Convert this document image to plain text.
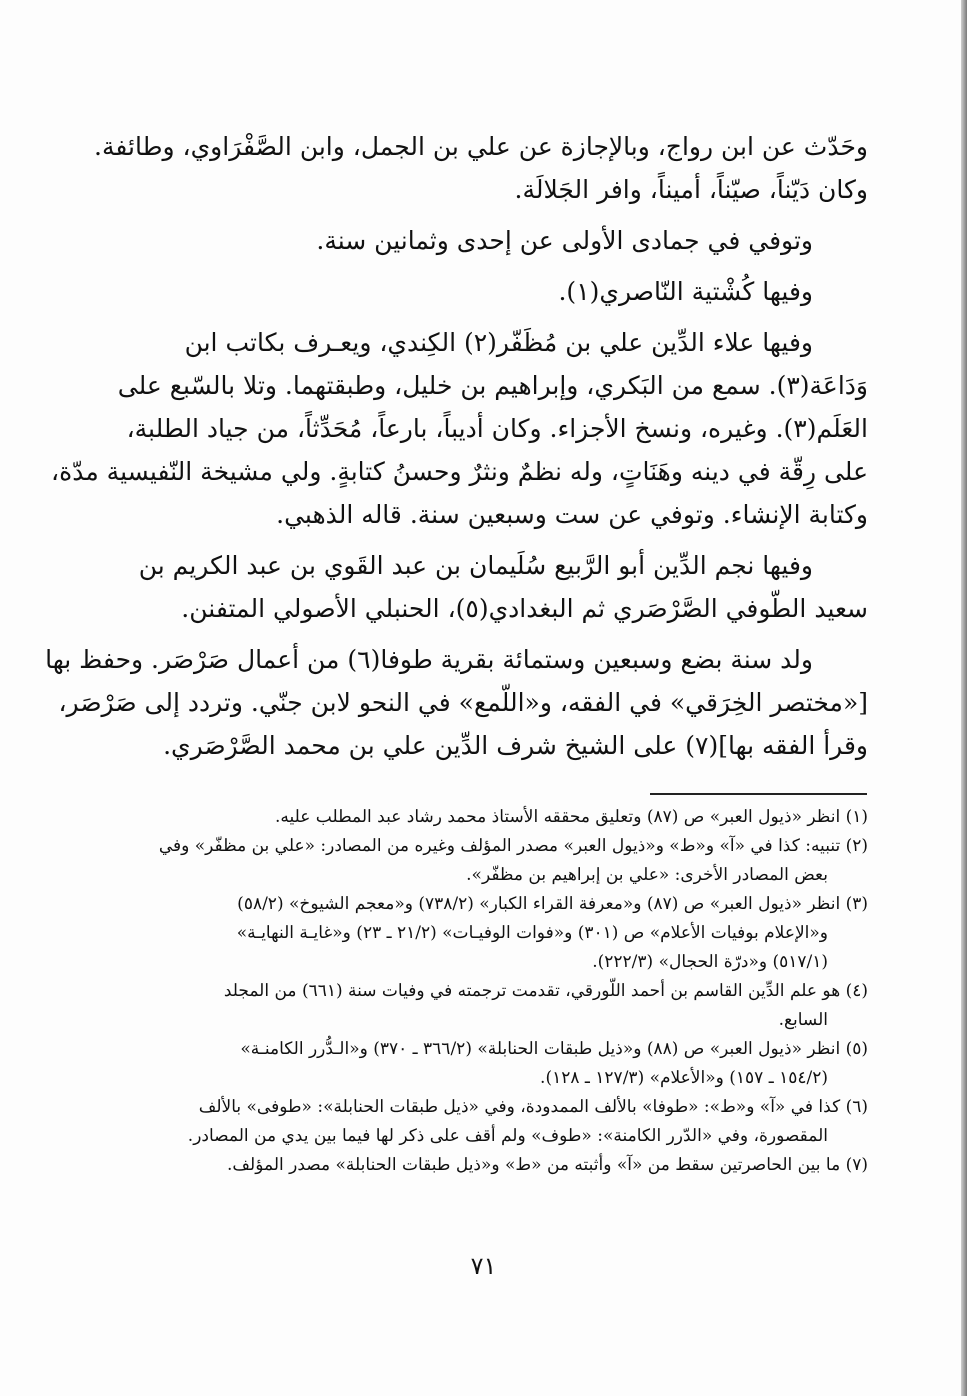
وحَدّث عن ابن رواج، وبالإجازة عن علي بن الجمل، وابن الصَّفْرَاوي، وطائفة.
وكان دَيّناً، صيّناً، أميناً، وافر الجَلالَة.
وتوفي في جمادى الأولى عن إحدى وثمانين سنة.
وفيها كُشْتية النّاصري(١).
وفيها علاء الدِّين علي بن مُظَفّر(٢) الكِندي، ويعـرف بكاتب ابن
وَدَاعَة(٣). سمع من البَكري، وإبراهيم بن خليل، وطبقتهما. وتلا بالسّبع على
العَلَم(٣). وغيره، ونسخ الأجزاء. وكان أديباً، بارعاً، مُحَدِّثاً، من جياد الطلبة،
على رِقّة في دينه وهَنَاتٍ، وله نظمٌ ونثرٌ وحسنُ كتابةٍ. ولي مشيخة النّفيسية مدّة،
وكتابة الإنشاء. وتوفي عن ست وسبعين سنة. قاله الذهبي.
وفيها نجم الدِّين أبو الرَّبيع سُلَيمان بن عبد القَوي بن عبد الكريم بن
سعيد الطّوفي الصَّرْصَري ثم البغدادي(٥)، الحنبلي الأصولي المتفنن.
ولد سنة بضع وسبعين وستمائة بقرية طوفا(٦) من أعمال صَرْصَر. وحفظ بها
[«مختصر الخِرَقي» في الفقه، و«اللّمع» في النحو لابن جنّي. وتردد إلى صَرْصَر،
وقرأ الفقه بها](٧) على الشيخ شرف الدِّين علي بن محمد الصَّرْصَري.
(١) انظر «ذيول العبر» ص (٨٧) وتعليق محققه الأستاذ محمد رشاد عبد المطلب عليه.
(٢) تنبيه: كذا في «آ» و«ط» و«ذيول العبر» مصدر المؤلف وغيره من المصادر: «علي بن مظفّر» وفي
بعض المصادر الأخرى: «علي بن إبراهيم بن مظفّر».
(٣) انظر «ذيول العبر» ص (٨٧) و«معرفة القراء الكبار» (٧٣٨/٢) و«معجم الشيوخ» (٥٨/٢)
و«الإعلام بوفيات الأعلام» ص (٣٠١) و«فوات الوفيـات» (٢١/٢ ـ ٢٣) و«غايـة النهايـة»
(٥١٧/١) و«درّة الحجال» (٢٢٢/٣).
(٤) هو علم الدِّين القاسم بن أحمد اللّورقي، تقدمت ترجمته في وفيات سنة (٦٦١) من المجلد
السابع.
(٥) انظر «ذيول العبر» ص (٨٨) و«ذيل طبقات الحنابلة» (٣٦٦/٢ ـ ٣٧٠) و«الـدُّرر الكامنـة»
(١٥٤/٢ ـ ١٥٧) و«الأعلام» (١٢٧/٣ ـ ١٢٨).
(٦) كذا في «آ» و«ط»: «طوفا» بالألف الممدودة، وفي «ذيل طبقات الحنابلة»: «طوفى» بالألف
المقصورة، وفي «الدّرر الكامنة»: «طوف» ولم أقف على ذكر لها فيما بين يدي من المصادر.
(٧) ما بين الحاصرتين سقط من «آ» وأثبته من «ط» و«ذيل طبقات الحنابلة» مصدر المؤلف.
٧١
